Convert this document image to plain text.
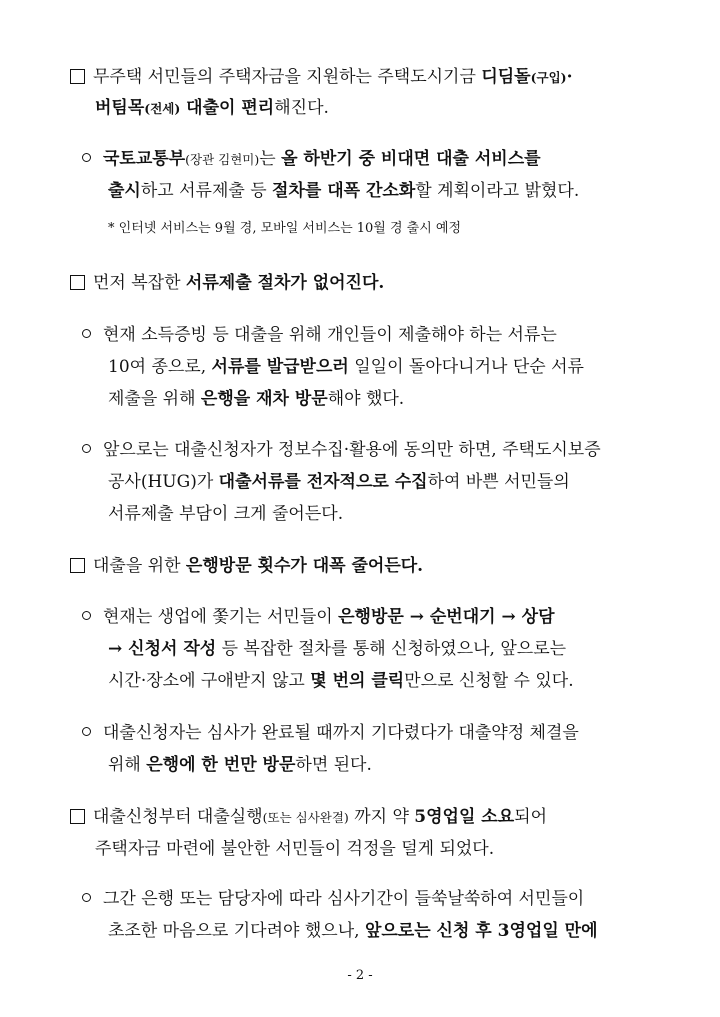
무주택 서민들의 주택자금을 지원하는 주택도시기금 디딤돌(구입)·
버팀목(전세) 대출이 편리해진다.
국토교통부(장관 김현미)는 올 하반기 중 비대면 대출 서비스를
출시하고 서류제출 등 절차를 대폭 간소화할 계획이라고 밝혔다.
* 인터넷 서비스는 9월 경, 모바일 서비스는 10월 경 출시 예정
먼저 복잡한 서류제출 절차가 없어진다.
현재 소득증빙 등 대출을 위해 개인들이 제출해야 하는 서류는
10여 종으로, 서류를 발급받으러 일일이 돌아다니거나 단순 서류
제출을 위해 은행을 재차 방문해야 했다.
앞으로는 대출신청자가 정보수집·활용에 동의만 하면, 주택도시보증
공사(HUG)가 대출서류를 전자적으로 수집하여 바쁜 서민들의
서류제출 부담이 크게 줄어든다.
대출을 위한 은행방문 횟수가 대폭 줄어든다.
현재는 생업에 쫓기는 서민들이 은행방문 → 순번대기 → 상담
→ 신청서 작성 등 복잡한 절차를 통해 신청하였으나, 앞으로는
시간·장소에 구애받지 않고 몇 번의 클릭만으로 신청할 수 있다.
대출신청자는 심사가 완료될 때까지 기다렸다가 대출약정 체결을
위해 은행에 한 번만 방문하면 된다.
대출신청부터 대출실행(또는 심사완결) 까지 약 5영업일 소요되어
주택자금 마련에 불안한 서민들이 걱정을 덜게 되었다.
그간 은행 또는 담당자에 따라 심사기간이 들쑥날쑥하여 서민들이
초조한 마음으로 기다려야 했으나, 앞으로는 신청 후 3영업일 만에
- 2 -
